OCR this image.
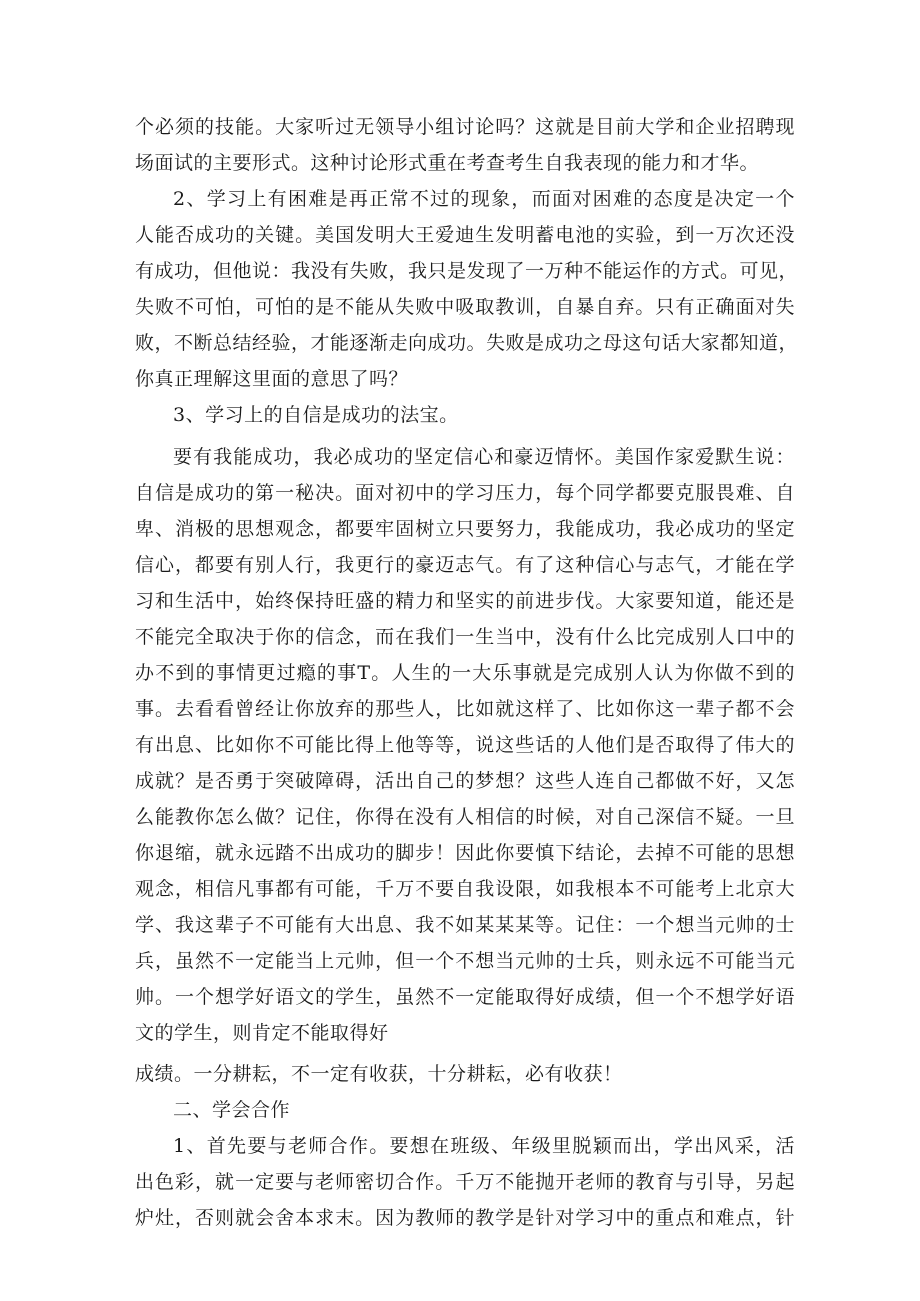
个必须的技能。大家听过无领导小组讨论吗？这就是目前大学和企业招聘现
场面试的主要形式。这种讨论形式重在考查考生自我表现的能力和才华。
2、学习上有困难是再正常不过的现象，而面对困难的态度是决定一个
人能否成功的关键。美国发明大王爱迪生发明蓄电池的实验，到一万次还没
有成功，但他说：我没有失败，我只是发现了一万种不能运作的方式。可见，
失败不可怕，可怕的是不能从失败中吸取教训，自暴自弃。只有正确面对失
败，不断总结经验，才能逐渐走向成功。失败是成功之母这句话大家都知道，
你真正理解这里面的意思了吗？
3、学习上的自信是成功的法宝。
要有我能成功，我必成功的坚定信心和豪迈情怀。美国作家爱默生说：
自信是成功的第一秘决。面对初中的学习压力，每个同学都要克服畏难、自
卑、消极的思想观念，都要牢固树立只要努力，我能成功，我必成功的坚定
信心，都要有别人行，我更行的豪迈志气。有了这种信心与志气，才能在学
习和生活中，始终保持旺盛的精力和坚实的前进步伐。大家要知道，能还是
不能完全取决于你的信念，而在我们一生当中，没有什么比完成别人口中的
办不到的事情更过瘾的事T。人生的一大乐事就是完成别人认为你做不到的
事。去看看曾经让你放弃的那些人，比如就这样了、比如你这一辈子都不会
有出息、比如你不可能比得上他等等，说这些话的人他们是否取得了伟大的
成就？是否勇于突破障碍，活出自己的梦想？这些人连自己都做不好，又怎
么能教你怎么做？记住，你得在没有人相信的时候，对自己深信不疑。一旦
你退缩，就永远踏不出成功的脚步！因此你要慎下结论，去掉不可能的思想
观念，相信凡事都有可能，千万不要自我设限，如我根本不可能考上北京大
学、我这辈子不可能有大出息、我不如某某某等。记住：一个想当元帅的士
兵，虽然不一定能当上元帅，但一个不想当元帅的士兵，则永远不可能当元
帅。一个想学好语文的学生，虽然不一定能取得好成绩，但一个不想学好语
文的学生，则肯定不能取得好
成绩。一分耕耘，不一定有收获，十分耕耘，必有收获！
二、学会合作
1、首先要与老师合作。要想在班级、年级里脱颖而出，学出风采，活
出色彩，就一定要与老师密切合作。千万不能抛开老师的教育与引导，另起
炉灶，否则就会舍本求末。因为教师的教学是针对学习中的重点和难点，针
